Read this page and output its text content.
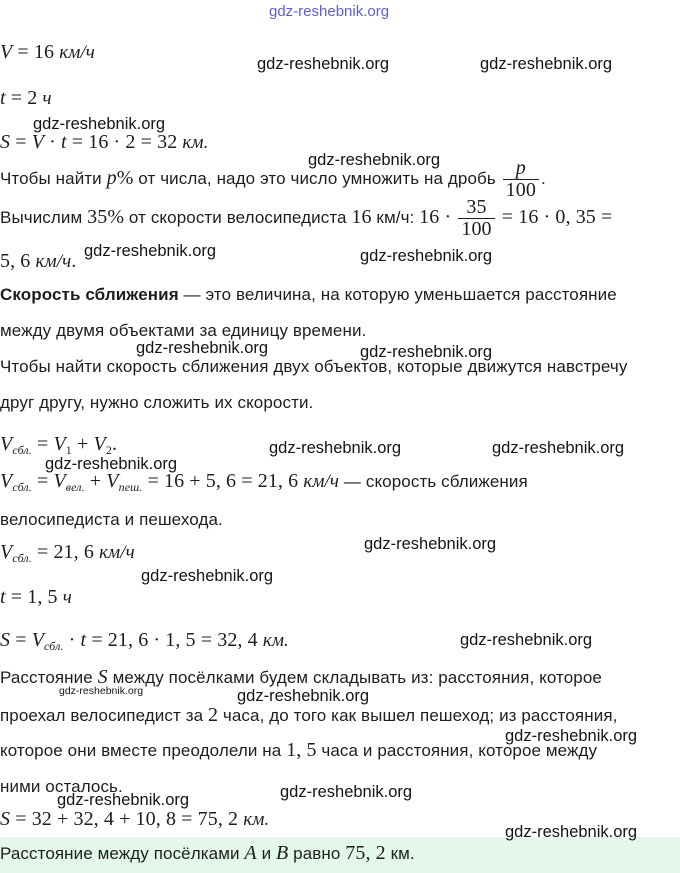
gdz-reshebnik.org
V = 16 км/ч
t = 2 ч
S = V · t = 16 · 2 = 32 км.
Чтобы найти p% от числа, надо это число умножить на дробь $\frac{p}{100}$ .
Вычислим 35% от скорости велосипедиста 16 км/ч: $16 \cdot \frac{35}{100} = 16 \cdot 0$, 35 =
5, 6 км/ч.
Скорость сближения — это величина, на которую уменьшается расстояние
между двумя объектами за единицу времени.
Чтобы найти скорость сближения двух объектов, которые движутся навстречу
друг другу, нужно сложить их скорости.
$V_{сбл.} = V_1 + V_2$.
$V_{сбл.} = V_{вел.} + V_{пеш.} = 16 + 5$, 6 = 21, 6 км/ч — скорость сближения
велосипедиста и пешехода.
$V_{сбл.} = 21$, 6 км/ч
t = 1, 5 ч
$S = V_{сбл.} \cdot t = 21$, 6 · 1, 5 = 32, 4 км.
Расстояние S между посёлками будем складывать из: расстояния, которое
проехал велосипедист за 2 часа, до того как вышел пешеход; из расстояния,
которое они вместе преодолели на 1, 5 часа и расстояния, которое между
ними осталось.
S = 32 + 32, 4 + 10, 8 = 75, 2 км.
Расстояние между посёлками A и B равно 75, 2 км.
gdz-reshebnik.org	gdz-reshebnik.org
gdz-reshebnik.org
gdz-reshebnik.org
gdz-reshebnik.org	gdz-reshebnik.org
gdz-reshebnik.org	gdz-reshebnik.org
gdz-reshebnik.org	gdz-reshebnik.org
gdz-reshebnik.org
gdz-reshebnik.org
gdz-reshebnik.org
gdz-reshebnik.org
gdz-reshebnik.org	gdz-reshebnik.org
gdz-reshebnik.org
gdz-reshebnik.org
gdz-reshebnik.org
gdz-reshebnik.org
